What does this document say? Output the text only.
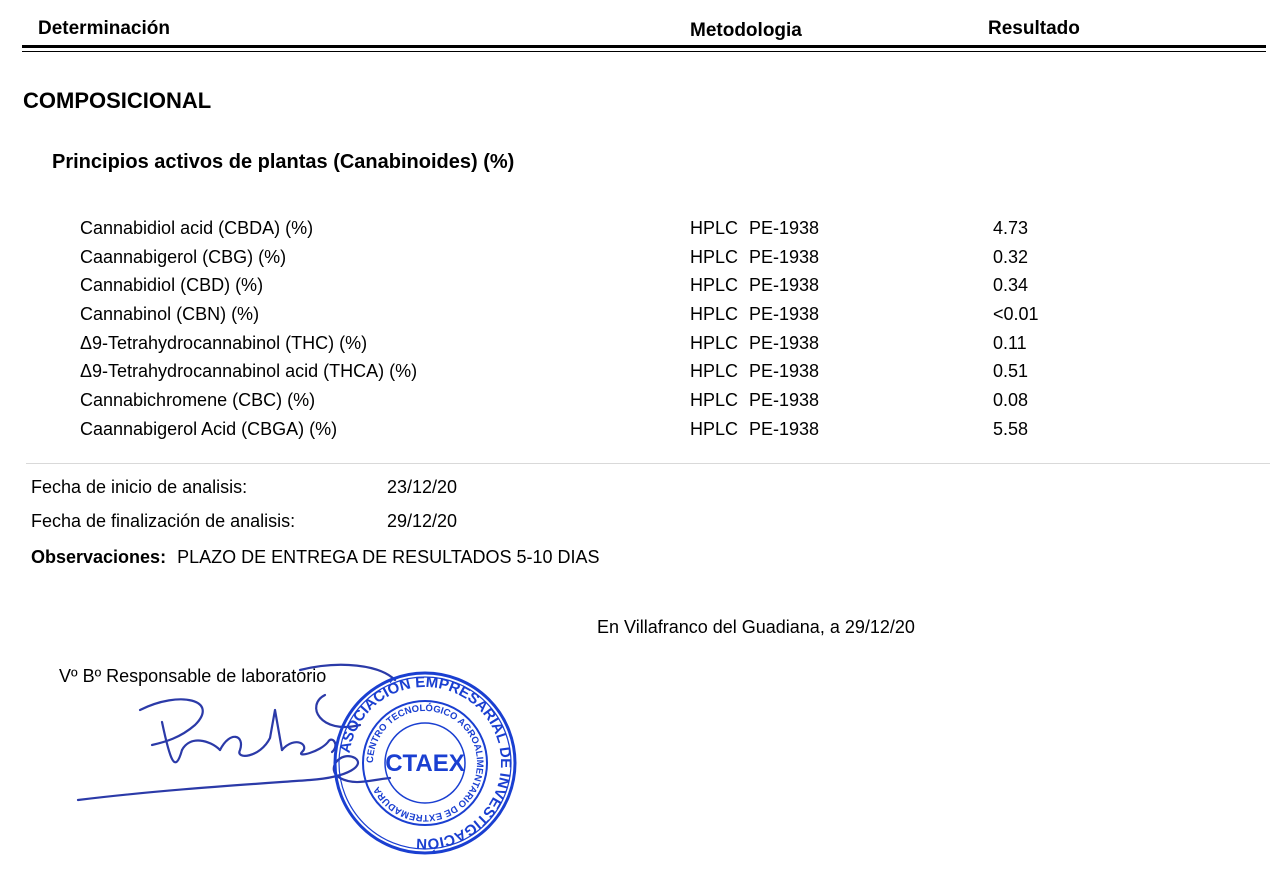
Determinación	Metodologia	Resultado
COMPOSICIONAL
Principios activos de plantas (Canabinoides) (%)
Cannabidiol acid (CBDA) (%)	HPLC PE-1938	4.73
Caannabigerol (CBG) (%)	HPLC PE-1938	0.32
Cannabidiol (CBD) (%)	HPLC PE-1938	0.34
Cannabinol (CBN) (%)	HPLC PE-1938	<0.01
Δ9-Tetrahydrocannabinol (THC) (%)	HPLC PE-1938	0.11
Δ9-Tetrahydrocannabinol acid (THCA) (%)	HPLC PE-1938	0.51
Cannabichromene (CBC) (%)	HPLC PE-1938	0.08
Caannabigerol Acid (CBGA) (%)	HPLC PE-1938	5.58
Fecha de inicio de analisis:	23/12/20
Fecha de finalización de analisis:	29/12/20
Observaciones: PLAZO DE ENTREGA DE RESULTADOS 5-10 DIAS
En Villafranco del Guadiana, a 29/12/20
Vº Bº Responsable de laboratorio
ASOCIACIÓN EMPRESARIAL DE INVESTIGACIÓN
CENTRO TECNOLÓGICO AGROALIMENTARIO DE EXTREMADURA
CTAEX
